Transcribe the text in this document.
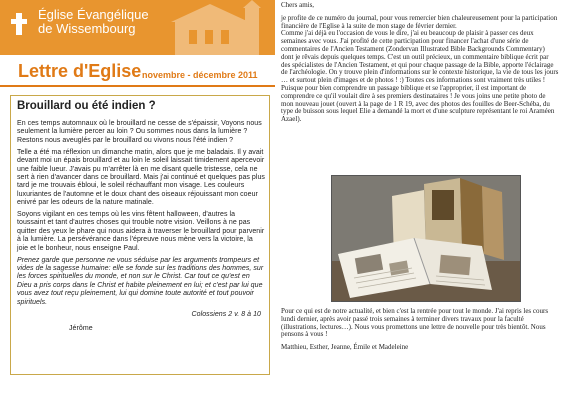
Église Évangélique
de Wissembourg
Lettre d'Eglise novembre - décembre 2011
Brouillard ou été indien ?

En ces temps automnaux où le brouillard ne cesse de s'épaissir, Voyons nous seulement la lumière percer au loin ? Ou sommes nous dans la lumière ? Restons nous aveuglés par le brouillard ou vivons nous l'été indien ?

Telle a été ma réflexion un dimanche matin, alors que je me baladais. Il y avait devant moi un épais brouillard et au loin le soleil laissait timidement apercevoir une faible lueur. J'avais pu m'arrêter là en me disant quelle tristesse, cela ne sert à rien d'avancer dans ce brouillard. Mais j'ai continué et quelques pas plus tard je me trouvais ébloui, le soleil réchauffant mon visage. Les couleurs luxuriantes de l'automne et le doux chant des oiseaux réjouissant mon coeur enivré par les odeurs de la nature matinale.

Soyons vigilant en ces temps où les vins fêtent halloween, d'autres la toussaint et tant d'autres choses qui trouble notre vision. Veillons à ne pas quitter des yeux le phare qui nous aidera à traverser le brouillard pour parvenir à la lumière. La persévérance dans l'épreuve nous mène vers la victoire, la joie et le bonheur, nous enseigne Paul.

Prenez garde que personne ne vous séduise par les arguments trompeurs et vides de la sagesse humaine: elle se fonde sur les traditions des hommes, sur les forces spirituelles du monde, et non sur le Christ. Car tout ce qu'est en Dieu a pris corps dans le Christ et habite pleinement en lui; et c'est par lui que vous avez tout reçu pleinement, lui qui domine toute autorité et tout pouvoir spirituels.

Colossiens 2 v. 8 à 10
Jérôme

Chers amis,

je profite de ce numéro du journal, pour vous remercier bien chaleureusement pour la participation financière de l'Eglise à la suite de mon stage de février dernier.

Comme j'ai déjà eu l'occasion de vous le dire, j'ai eu beaucoup de plaisir à passer ces deux semaines avec vous. J'ai profité de cette participation pour financer l'achat d'une série de commentaires de l'Ancien Testament (Zondervan Illustrated Bible Backgrounds Commentary) dont je rêvais depuis quelques temps. C'est un outil précieux, un commentaire biblique écrit par des spécialistes de l'Ancien Testament, et qui pour chaque passage de la Bible, apporte l'éclairage de l'archéologie. On y trouve plein d'informations sur le contexte historique, la vie de tous les jours … et surtout plein d'images et de photos ! :) Toutes ces informations sont vraiment très utiles ! Puisque pour bien comprendre un passage biblique et se l'approprier, il est important de comprendre ce qu'il voulait dire à ses premiers destinataires ! Je vous joins une petite photo de mon nouveau jouet (ouvert à la page de 1 R 19, avec des photos des fouilles de Beer-Schéba, du type de buisson sous lequel Elie a demandé la mort et d'une sculpture représentant le roi Araméen Azael).

Pour ce qui est de notre actualité, et bien c'est la rentrée pour tout le monde. J'ai repris les cours lundi dernier, après avoir passé trois semaines à terminer divers travaux pour la faculté (illustrations, lectures…). Nous vous promettons une lettre de nouvelle pour très bientôt. Nous pensons à vous !

Matthieu, Esther, Jeanne, Émile et Madeleine
